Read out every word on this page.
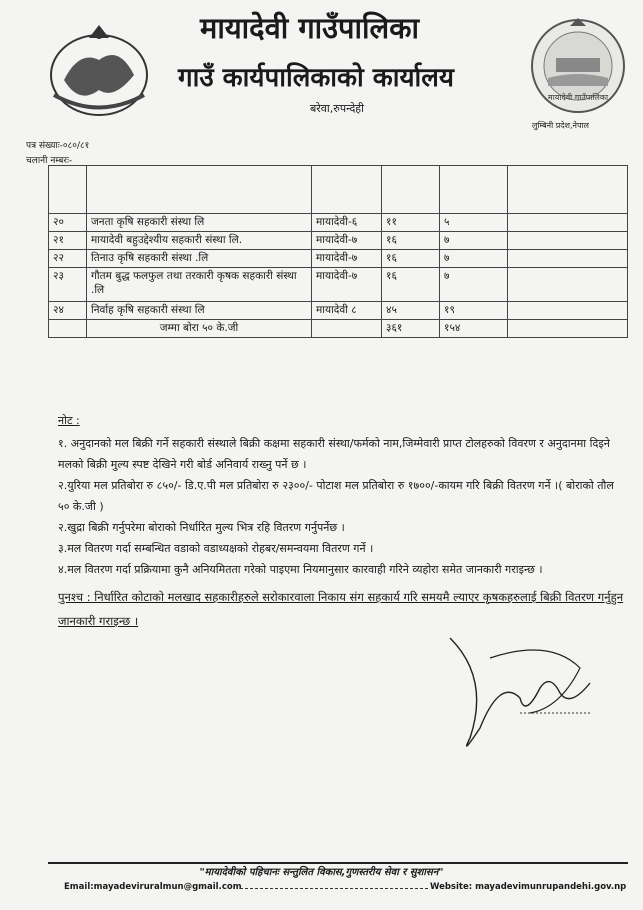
मायादेवी गाउँपालिका
मायादेवी गाउँपालिका
गाउँ कार्यपालिकाको कार्यालय
बरेवा,रुपन्देही
लुम्बिनी प्रदेश,नेपाल
पत्र संख्याः-०८०/८१
चलानी नम्बरः-

२०	जनता कृषि सहकारी संस्था लि	मायादेवी-६	११	५	
२१	मायादेवी बहुउद्देश्यीय सहकारी संस्था लि.	मायादेवी-७	१६	७	
२२	तिनाउ कृषि सहकारी संस्था .लि	मायादेवी-७	१६	७	
२३	गौतम बुद्ध फलफुल तथा तरकारी कृषक सहकारी संस्था .लि	मायादेवी-७	१६	७	
२४	निर्वाह कृषि सहकारी संस्था लि	मायादेवी ८	४५	१९	
	जम्मा बोरा ५० के.जी		३६१	१५४	
नोट :
१. अनुदानको मल बिक्री गर्ने सहकारी संस्थाले बिक्री कक्षमा सहकारी संस्था/फर्मको नाम,जिम्मेवारी प्राप्त टोलहरुको विवरण र अनुदानमा दिइने मलको बिक्री मुल्य स्पष्ट देखिने गरी बोर्ड अनिवार्य राख्नु पर्ने छ ।
२.युरिया मल प्रतिबोरा रु ८५०/- डि.ए.पी मल प्रतिबोरा रु २३००/- पोटाश मल प्रतिबोरा रु १७००/-कायम गरि बिक्री वितरण गर्ने ।( बोराको तौल ५० के.जी )
२.खुद्रा बिक्री गर्नुपरेमा बोराको निर्धारित मुल्य भित्र रहि वितरण गर्नुपर्नेछ ।
३.मल वितरण गर्दा सम्बन्धित वडाको वडाध्यक्षको रोहबर/समन्वयमा वितरण गर्ने ।
४.मल वितरण गर्दा प्रक्रियामा कुनै अनियमितता गरेको पाइएमा नियमानुसार कारवाही गरिने व्यहोरा समेत जानकारी गराइन्छ ।
पुनश्च : निर्धारित कोटाको मलखाद सहकारीहरुले सरोकारवाला निकाय संग सहकार्य गरि समयमै ल्याएर कृषकहरुलाई बिक्री वितरण गर्नुहुन जानकारी गराइन्छ ।
"मायादेवीको पहिचानः सन्तुलित विकास,गुणस्तरीय सेवा र सुशासन"
Email:mayadeviruralmun@gmail.com	Website: mayadevimunrupandehi.gov.np
